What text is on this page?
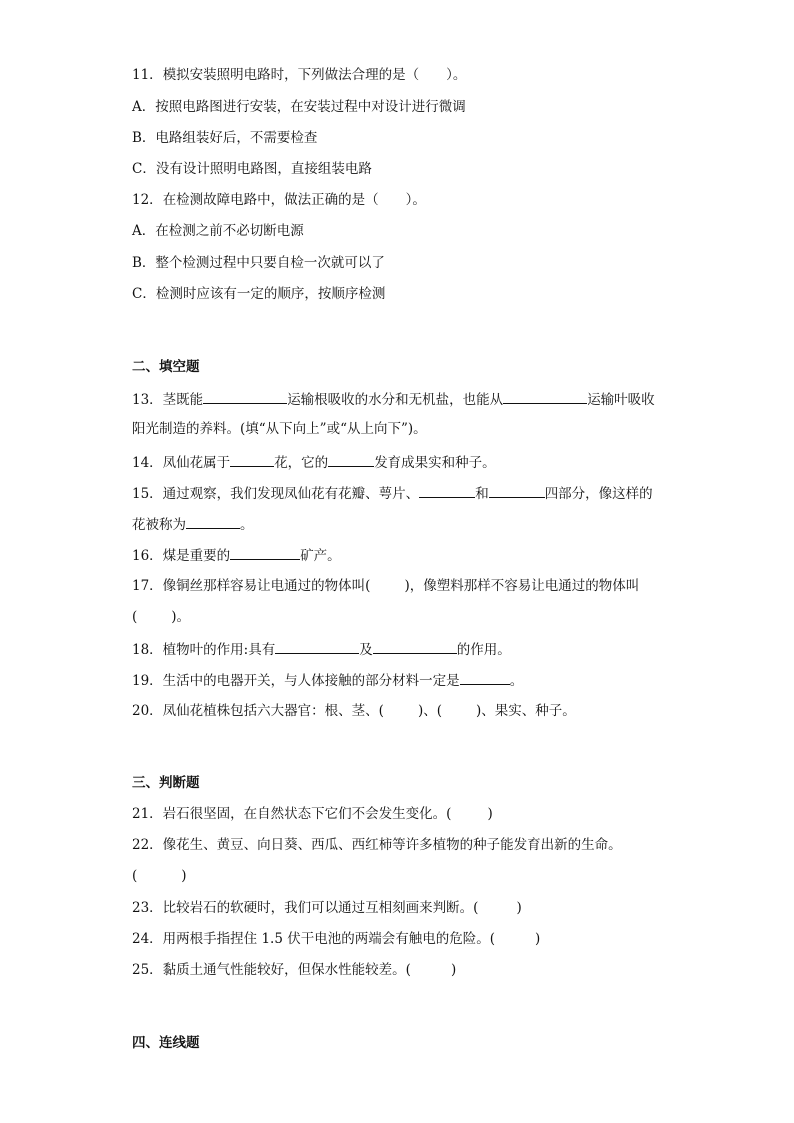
11．模拟安装照明电路时，下列做法合理的是（　　）。
A．按照电路图进行安装，在安装过程中对设计进行微调
B．电路组装好后，不需要检查
C．没有设计照明电路图，直接组装电路
12．在检测故障电路中，做法正确的是（　　）。
A．在检测之前不必切断电源
B．整个检测过程中只要自检一次就可以了
C．检测时应该有一定的顺序，按顺序检测
二、填空题
13．茎既能	运输根吸收的水分和无机盐，也能从	运输叶吸收
阳光制造的养料。(填“从下向上”或“从上向下”)。
14．凤仙花属于	花，它的	发育成果实和种子。
15．通过观察，我们发现凤仙花有花瓣、萼片、	和	四部分，像这样的
花被称为	。
16．煤是重要的	矿产。
17．像铜丝那样容易让电通过的物体叫(	)，像塑料那样不容易让电通过的物体叫
(	)。
18．植物叶的作用:具有	及	的作用。
19．生活中的电器开关，与人体接触的部分材料一定是	。
20．凤仙花植株包括六大器官：根、茎、(	)、(	)、果实、种子。
三、判断题
21．岩石很坚固，在自然状态下它们不会发生变化。(	)
22．像花生、黄豆、向日葵、西瓜、西红柿等许多植物的种子能发育出新的生命。
(	)
23．比较岩石的软硬时，我们可以通过互相刻画来判断。(	)
24．用两根手指捏住 1.5 伏干电池的两端会有触电的危险。(	)
25．黏质土通气性能较好，但保水性能较差。(	)
四、连线题
